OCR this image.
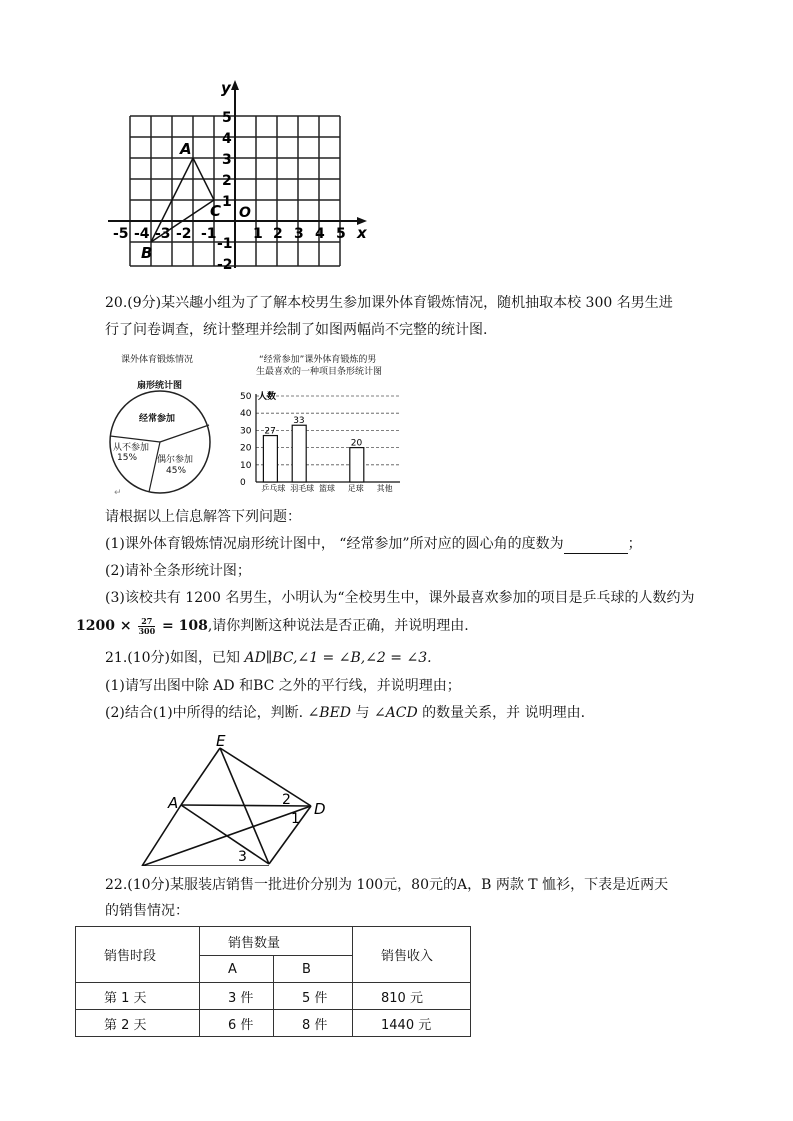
y
x
O
5
4
3
2
1
-1
-2
-5 -4 -3 -2 -1	1 2 3 4 5
A
B
C
20.(9分)某兴趣小组为了了解本校男生参加课外体育锻炼情况，随机抽取本校 300 名男生进
行了问卷调查，统计整理并绘制了如图两幅尚不完整的统计图.
课外体育锻炼情况
扇形统计图
经常参加
从不参加
15% 偶尔参加
45%
↵
“经常参加”课外体育锻炼的男
生最喜欢的一种项目条形统计图
人数
50
40
30
20
10
0
27
33
20
乒乓球 羽毛球 篮球 足球 其他
请根据以上信息解答下列问题：
(1)课外体育锻炼情况扇形统计图中， “经常参加”所对应的圆心角的度数为	；
(2)请补全条形统计图；
(3)该校共有 1200 名男生，小明认为“全校男生中，课外最喜欢参加的项目是乒乓球的人数约为
$1200 \times \frac{27}{300} = 108$,请你判断这种说法是否正确，并说明理由.
21.(10分)如图，已知 AD∥BC,∠1 = ∠B,∠2 = ∠3.
(1)请写出图中除 AD 和BC 之外的平行线，并说明理由；
(2)结合(1)中所得的结论，判断. ∠BED 与 ∠ACD 的数量关系，并 说明理由.
E
A	D
2
1
3
22.(10分)某服装店销售一批进价分别为 100元，80元的A，B 两款 T 恤衫，下表是近两天
的销售情况：
销售时段	销售数量		销售收入
	A	B	
第 1 天	3 件	5 件	810 元
第 2 天	6 件	8 件	1440 元
